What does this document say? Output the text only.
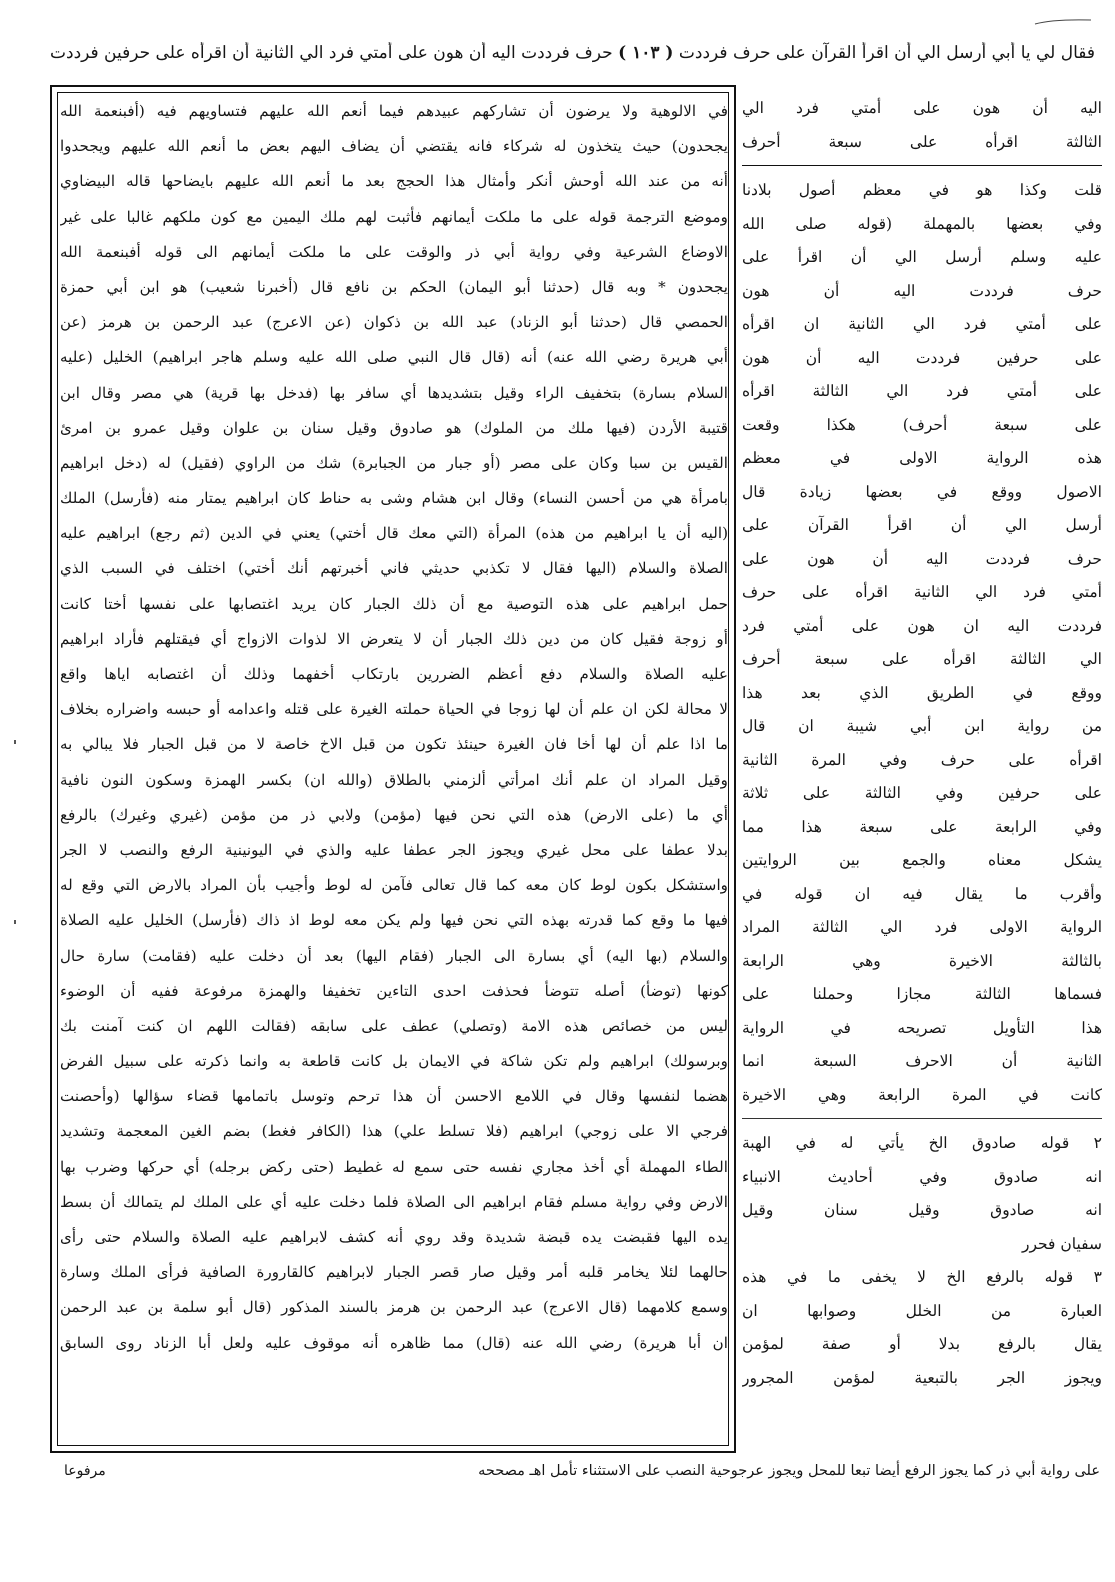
فقال لي يا أبي أرسل الي أن اقرأ القرآن على حرف فرددت ( ١٠٣ ) حرف فرددت اليه أن هون على أمتي فرد الي الثانية أن اقرأه على حرفين فرددت
في الالوهية ولا يرضون أن تشاركهم عبيدهم فيما أنعم الله عليهم فتساويهم فيه (أفبنعمة الله
يجحدون) حيث يتخذون له شركاء فانه يقتضي أن يضاف اليهم بعض ما أنعم الله عليهم ويجحدوا
أنه من عند الله أوحش أنكر وأمثال هذا الحجج بعد ما أنعم الله عليهم بايضاحها قاله البيضاوي
وموضع الترجمة قوله على ما ملكت أيمانهم فأثبت لهم ملك اليمين مع كون ملكهم غالبا على غير
الاوضاع الشرعية وفي رواية أبي ذر والوقت على ما ملكت أيمانهم الى قوله أفبنعمة الله
يجحدون * وبه قال (حدثنا أبو اليمان) الحكم بن نافع قال (أخبرنا شعيب) هو ابن أبي حمزة
الحمصي قال (حدثنا أبو الزناد) عبد الله بن ذكوان (عن الاعرج) عبد الرحمن بن هرمز (عن
أبي هريرة رضي الله عنه) أنه (قال قال النبي صلى الله عليه وسلم هاجر ابراهيم) الخليل (عليه
السلام بسارة) بتخفيف الراء وقيل بتشديدها أي سافر بها (فدخل بها قرية) هي مصر وقال ابن
قتيبة الأردن (فيها ملك من الملوك) هو صادوق وقيل سنان بن علوان وقيل عمرو بن امرئ
القيس بن سبا وكان على مصر (أو جبار من الجبابرة) شك من الراوي (فقيل) له (دخل ابراهيم
بامرأة هي من أحسن النساء) وقال ابن هشام وشى به حناط كان ابراهيم يمتار منه (فأرسل) الملك
(اليه أن يا ابراهيم من هذه) المرأة (التي معك قال أختي) يعني في الدين (ثم رجع) ابراهيم عليه
الصلاة والسلام (اليها فقال لا تكذبي حديثي فاني أخبرتهم أنك أختي) اختلف في السبب الذي
حمل ابراهيم على هذه التوصية مع أن ذلك الجبار كان يريد اغتصابها على نفسها أختا كانت
أو زوجة فقيل كان من دين ذلك الجبار أن لا يتعرض الا لذوات الازواج أي فيقتلهم فأراد ابراهيم
عليه الصلاة والسلام دفع أعظم الضررين بارتكاب أخفهما وذلك أن اغتصابه اياها واقع
لا محالة لكن ان علم أن لها زوجا في الحياة حملته الغيرة على قتله واعدامه أو حبسه واضراره بخلاف
ما اذا علم أن لها أخا فان الغيرة حينئذ تكون من قبل الاخ خاصة لا من قبل الجبار فلا يبالي به
وقيل المراد ان علم أنك امرأتي ألزمني بالطلاق (والله ان) بكسر الهمزة وسكون النون نافية
أي ما (على الارض) هذه التي نحن فيها (مؤمن) ولابي ذر من مؤمن (غيري وغيرك) بالرفع
بدلا عطفا على محل غيري ويجوز الجر عطفا عليه والذي في اليونينية الرفع والنصب لا الجر
واستشكل بكون لوط كان معه كما قال تعالى فآمن له لوط وأجيب بأن المراد بالارض التي وقع له
فيها ما وقع كما قدرته بهذه التي نحن فيها ولم يكن معه لوط اذ ذاك (فأرسل) الخليل عليه الصلاة
والسلام (بها اليه) أي بسارة الى الجبار (فقام اليها) بعد أن دخلت عليه (فقامت) سارة حال
كونها (توضأ) أصله تتوضأ فحذفت احدى التاءين تخفيفا والهمزة مرفوعة ففيه أن الوضوء
ليس من خصائص هذه الامة (وتصلي) عطف على سابقه (فقالت اللهم ان كنت آمنت بك
وبرسولك) ابراهيم ولم تكن شاكة في الايمان بل كانت قاطعة به وانما ذكرته على سبيل الفرض
هضما لنفسها وقال في اللامع الاحسن أن هذا ترحم وتوسل باتمامها قضاء سؤالها (وأحصنت
فرجي الا على زوجي) ابراهيم (فلا تسلط علي) هذا (الكافر فغط) بضم الغين المعجمة وتشديد
الطاء المهملة أي أخذ مجاري نفسه حتى سمع له غطيط (حتى ركض برجله) أي حركها وضرب بها
الارض وفي رواية مسلم فقام ابراهيم الى الصلاة فلما دخلت عليه أي على الملك لم يتمالك أن بسط
يده اليها فقبضت يده قبضة شديدة وقد روي أنه كشف لابراهيم عليه الصلاة والسلام حتى رأى
حالهما لئلا يخامر قلبه أمر وقيل صار قصر الجبار لابراهيم كالقارورة الصافية فرأى الملك وسارة
وسمع كلامهما (قال الاعرج) عبد الرحمن بن هرمز بالسند المذكور (قال أبو سلمة بن عبد الرحمن
ان أبا هريرة) رضي الله عنه (قال) مما ظاهره أنه موقوف عليه ولعل أبا الزناد روى السابق
اليه أن هون على أمتي فرد الي
الثالثة اقرأه على سبعة أحرف
قلت وكذا هو في معظم أصول بلادنا
وفي بعضها بالمهملة (قوله صلى الله
عليه وسلم أرسل الي أن اقرأ على
حرف فرددت اليه أن هون
على أمتي فرد الي الثانية ان اقرأه
على حرفين فرددت اليه أن هون
على أمتي فرد الي الثالثة اقرأه
على سبعة أحرف) هكذا وقعت
هذه الرواية الاولى في معظم
الاصول ووقع في بعضها زيادة قال
أرسل الي أن اقرأ القرآن على
حرف فرددت اليه أن هون على
أمتي فرد الي الثانية اقرأه على حرف
فرددت اليه ان هون على أمتي فرد
الي الثالثة اقرأه على سبعة أحرف
ووقع في الطريق الذي بعد هذا
من رواية ابن أبي شيبة ان قال
اقرأه على حرف وفي المرة الثانية
على حرفين وفي الثالثة على ثلاثة
وفي الرابعة على سبعة هذا مما
يشكل معناه والجمع بين الروايتين
وأقرب ما يقال فيه ان قوله في
الرواية الاولى فرد الي الثالثة المراد
بالثالثة الاخيرة وهي الرابعة
فسماها الثالثة مجازا وحملنا على
هذا التأويل تصريحه في الرواية
الثانية أن الاحرف السبعة انما
كانت في المرة الرابعة وهي الاخيرة
٢ قوله صادوق الخ يأتي له في الهبة
انه صادوق وفي أحاديث الانبياء
انه صادوق وقيل سنان وقيل
سفيان فحرر
٣ قوله بالرفع الخ لا يخفى ما في هذه
العبارة من الخلل وصوابها ان
يقال بالرفع بدلا أو صفة لمؤمن
ويجوز الجر بالتبعية لمؤمن المجرور
على رواية أبي ذر كما يجوز الرفع أيضا تبعا للمحل ويجوز عرجوحية النصب على الاستثناء تأمل اهـ مصححه
مرفوعا
